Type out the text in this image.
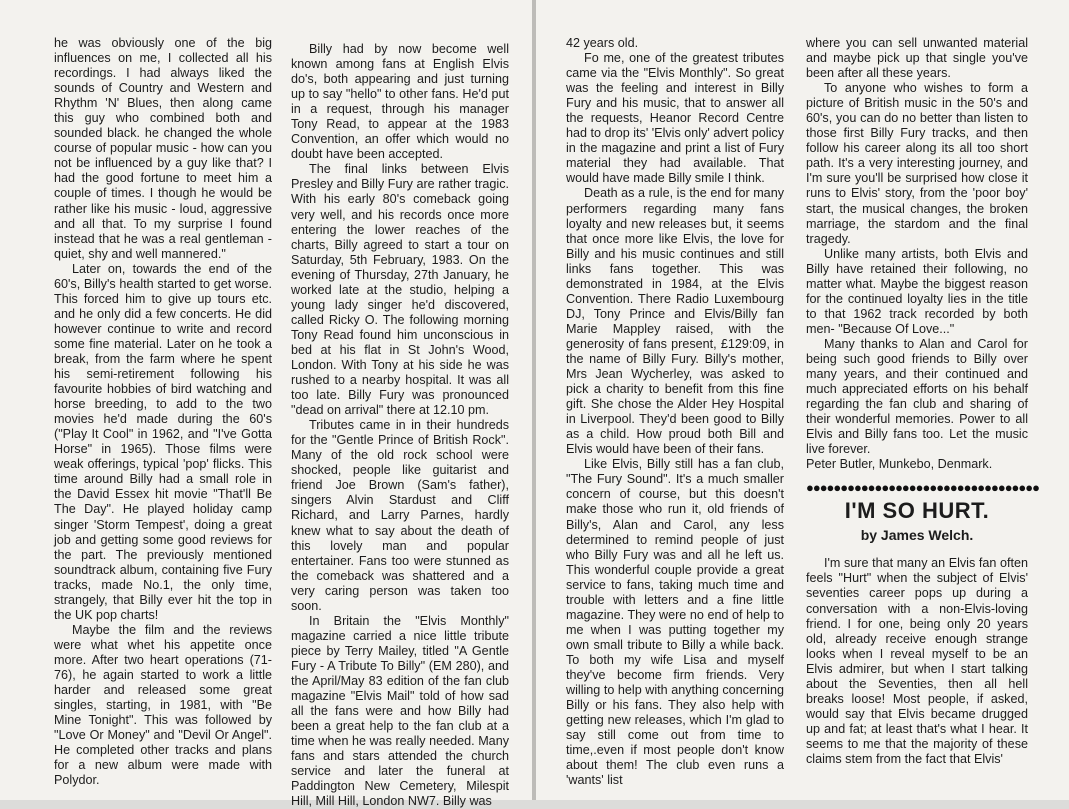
he was obviously one of the big influences on me, I collected all his recordings. I had always liked the sounds of Country and Western and Rhythm 'N' Blues, then along came this guy who combined both and sounded black. he changed the whole course of popular music - how can you not be influenced by a guy like that? I had the good fortune to meet him a couple of times. I though he would be rather like his music - loud, aggressive and all that. To my surprise I found instead that he was a real gentleman - quiet, shy and well mannered."

Later on, towards the end of the 60's, Billy's health started to get worse. This forced him to give up tours etc. and he only did a few concerts. He did however continue to write and record some fine material. Later on he took a break, from the farm where he spent his semi-retirement following his favourite hobbies of bird watching and horse breeding, to add to the two movies he'd made during the 60's ("Play It Cool" in 1962, and "I've Gotta Horse" in 1965). Those films were weak offerings, typical 'pop' flicks. This time around Billy had a small role in the David Essex hit movie "That'll Be The Day". He played holiday camp singer 'Storm Tempest', doing a great job and getting some good reviews for the part. The previously mentioned soundtrack album, containing five Fury tracks, made No.1, the only time, strangely, that Billy ever hit the top in the UK pop charts!

Maybe the film and the reviews were what whet his appetite once more. After two heart operations (71-76), he again started to work a little harder and released some great singles, starting, in 1981, with "Be Mine Tonight". This was followed by "Love Or Money" and "Devil Or Angel". He completed other tracks and plans for a new album were made with Polydor.

Billy had by now become well known among fans at English Elvis do's, both appearing and just turning up to say "hello" to other fans. He'd put in a request, through his manager Tony Read, to appear at the 1983 Convention, an offer which would no doubt have been accepted.

The final links between Elvis Presley and Billy Fury are rather tragic. With his early 80's comeback going very well, and his records once more entering the lower reaches of the charts, Billy agreed to start a tour on Saturday, 5th February, 1983. On the evening of Thursday, 27th January, he worked late at the studio, helping a young lady singer he'd discovered, called Ricky O. The following morning Tony Read found him unconscious in bed at his flat in St John's Wood, London. With Tony at his side he was rushed to a nearby hospital. It was all too late. Billy Fury was pronounced "dead on arrival" there at 12.10 pm.

Tributes came in in their hundreds for the "Gentle Prince of British Rock". Many of the old rock school were shocked, people like guitarist and friend Joe Brown (Sam's father), singers Alvin Stardust and Cliff Richard, and Larry Parnes, hardly knew what to say about the death of this lovely man and popular entertainer. Fans too were stunned as the comeback was shattered and a very caring person was taken too soon.

In Britain the "Elvis Monthly" magazine carried a nice little tribute piece by Terry Mailey, titled "A Gentle Fury - A Tribute To Billy" (EM 280), and the April/May 83 edition of the fan club magazine "Elvis Mail" told of how sad all the fans were and how Billy had been a great help to the fan club at a time when he was really needed. Many fans and stars attended the church service and later the funeral at Paddington New Cemetery, Milespit Hill, Mill Hill, London NW7. Billy was

42 years old.

Fo me, one of the greatest tributes came via the "Elvis Monthly". So great was the feeling and interest in Billy Fury and his music, that to answer all the requests, Heanor Record Centre had to drop its' 'Elvis only' advert policy in the magazine and print a list of Fury material they had available. That would have made Billy smile I think.

Death as a rule, is the end for many performers regarding many fans loyalty and new releases but, it seems that once more like Elvis, the love for Billy and his music continues and still links fans together. This was demonstrated in 1984, at the Elvis Convention. There Radio Luxembourg DJ, Tony Prince and Elvis/Billy fan Marie Mappley raised, with the generosity of fans present, £129:09, in the name of Billy Fury. Billy's mother, Mrs Jean Wycherley, was asked to pick a charity to benefit from this fine gift. She chose the Alder Hey Hospital in Liverpool. They'd been good to Billy as a child. How proud both Bill and Elvis would have been of their fans.

Like Elvis, Billy still has a fan club, "The Fury Sound". It's a much smaller concern of course, but this doesn't make those who run it, old friends of Billy's, Alan and Carol, any less determined to remind people of just who Billy Fury was and all he left us. This wonderful couple provide a great service to fans, taking much time and trouble with letters and a fine little magazine. They were no end of help to me when I was putting together my own small tribute to Billy a while back. To both my wife Lisa and myself they've become firm friends. Very willing to help with anything concerning Billy or his fans. They also help with getting new releases, which I'm glad to say still come out from time to time,.even if most people don't know about them! The club even runs a 'wants' list

where you can sell unwanted material and maybe pick up that single you've been after all these years.

To anyone who wishes to form a picture of British music in the 50's and 60's, you can do no better than listen to those first Billy Fury tracks, and then follow his career along its all too short path. It's a very interesting journey, and I'm sure you'll be surprised how close it runs to Elvis' story, from the 'poor boy' start, the musical changes, the broken marriage, the stardom and the final tragedy.

Unlike many artists, both Elvis and Billy have retained their following, no matter what. Maybe the biggest reason for the continued loyalty lies in the title to that 1962 track recorded by both men- "Because Of Love..."

Many thanks to Alan and Carol for being such good friends to Billy over many years, and their continued and much appreciated efforts on his behalf regarding the fan club and sharing of their wonderful memories. Power to all Elvis and Billy fans too. Let the music live forever.

Peter Butler, Munkebo, Denmark.

●●●●●●●●●●●●●●●●●●●●●●●●●●●●●●●●●●
I'M SO HURT.
by James Welch.

I'm sure that many an Elvis fan often feels "Hurt" when the subject of Elvis' seventies career pops up during a conversation with a non-Elvis-loving friend. I for one, being only 20 years old, already receive enough strange looks when I reveal myself to be an Elvis admirer, but when I start talking about the Seventies, then all hell breaks loose! Most people, if asked, would say that Elvis became drugged up and fat; at least that's what I hear. It seems to me that the majority of these claims stem from the fact that Elvis'
